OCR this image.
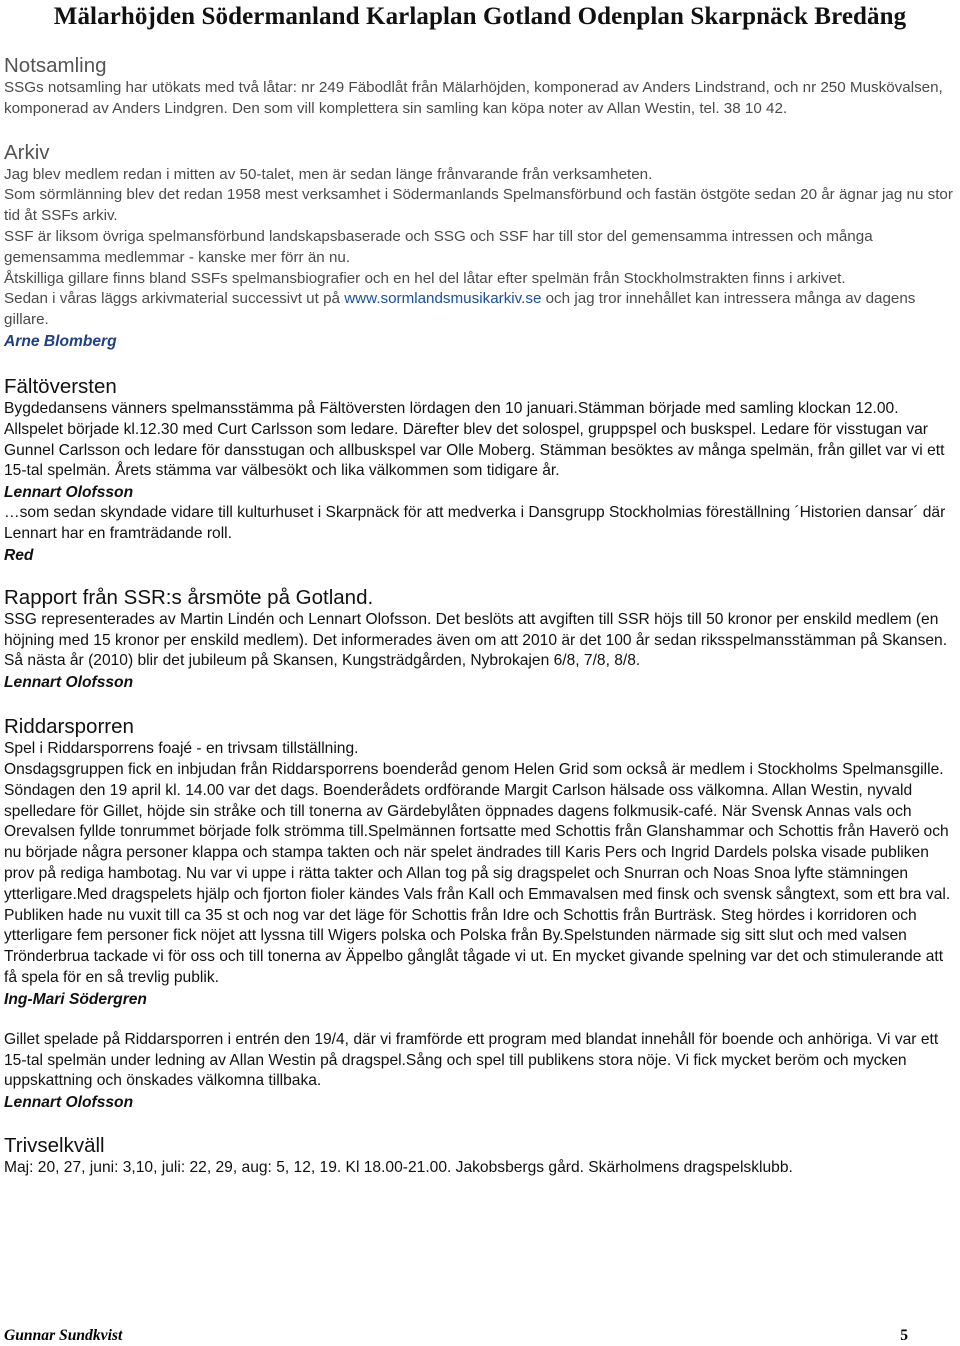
Mälarhöjden Södermanland Karlaplan Gotland Odenplan Skarpnäck Bredäng
Notsamling

SSGs notsamling har utökats med två låtar: nr 249 Fäbodlåt från Mälarhöjden, komponerad av Anders Lindstrand, och nr 250 Muskövalsen, komponerad av Anders Lindgren. Den som vill komplettera sin samling kan köpa noter av Allan Westin, tel. 38 10 42.

Arkiv

Jag blev medlem redan i mitten av 50-talet, men är sedan länge frånvarande från verksamheten.

Som sörmlänning blev det redan 1958 mest verksamhet i Södermanlands Spelmansförbund och fastän östgöte sedan 20 år ägnar jag nu stor tid åt SSFs arkiv.

SSF är liksom övriga spelmansförbund landskapsbaserade och SSG och SSF har till stor del gemensamma intressen och många gemensamma medlemmar - kanske mer förr än nu.

Åtskilliga gillare finns bland SSFs spelmansbiografier och en hel del låtar efter spelmän från Stockholmstrakten finns i arkivet.

Sedan i våras läggs arkivmaterial successivt ut på www.sormlandsmusikarkiv.se och jag tror innehållet kan intressera många av dagens gillare.

Arne Blomberg

Fältöversten

Bygdedansens vänners spelmansstämma på Fältöversten lördagen den 10 januari.Stämman började med samling klockan 12.00. Allspelet började kl.12.30 med Curt Carlsson som ledare. Därefter blev det solospel, gruppspel och buskspel. Ledare för visstugan var Gunnel Carlsson och ledare för dansstugan och allbuskspel var Olle Moberg. Stämman besöktes av många spelmän, från gillet var vi ett 15-tal spelmän. Årets stämma var välbesökt och lika välkommen som tidigare år.

Lennart Olofsson

…som sedan skyndade vidare till kulturhuset i Skarpnäck för att medverka i Dansgrupp Stockholmias föreställning ´Historien dansar´ där Lennart har en framträdande roll.

Red

Rapport från SSR:s årsmöte på Gotland.

SSG representerades av Martin Lindén och Lennart Olofsson. Det beslöts att avgiften till SSR höjs till 50 kronor per enskild medlem (en höjning med 15 kronor per enskild medlem). Det informerades även om att 2010 är det 100 år sedan riksspelmansstämman på Skansen.

Så nästa år (2010) blir det jubileum på Skansen, Kungsträdgården, Nybrokajen 6/8, 7/8, 8/8.

Lennart Olofsson

Riddarsporren

Spel i Riddarsporrens foajé - en trivsam tillställning.

Onsdagsgruppen fick en inbjudan från Riddarsporrens boenderåd genom Helen Grid som också är medlem i Stockholms Spelmansgille.

Söndagen den 19 april kl. 14.00 var det dags. Boenderådets ordförande Margit Carlson hälsade oss välkomna. Allan Westin, nyvald spelledare för Gillet, höjde sin stråke och till tonerna av Gärdebylåten öppnades dagens folkmusik-café. När Svensk Annas vals och Orevalsen fyllde tonrummet började folk strömma till.Spelmännen fortsatte med Schottis från Glanshammar och Schottis från Haverö och nu började några personer klappa och stampa takten och när spelet ändrades till Karis Pers och Ingrid Dardels polska visade publiken prov på rediga hambotag. Nu var vi uppe i rätta takter och Allan tog på sig dragspelet och Snurran och Noas Snoa lyfte stämningen ytterligare.Med dragspelets hjälp och fjorton fioler kändes Vals från Kall och Emmavalsen med finsk och svensk sångtext, som ett bra val. Publiken hade nu vuxit till ca 35 st och nog var det läge för Schottis från Idre och Schottis från Burträsk. Steg hördes i korridoren och ytterligare fem personer fick nöjet att lyssna till Wigers polska och Polska från By.Spelstunden närmade sig sitt slut och med valsen Trönderbrua tackade vi för oss och till tonerna av Äppelbo gånglåt tågade vi ut. En mycket givande spelning var det och stimulerande att få spela för en så trevlig publik.

Ing-Mari Södergren

Gillet spelade på Riddarsporren i entrén den 19/4, där vi framförde ett program med blandat innehåll för boende och anhöriga. Vi var ett 15-tal spelmän under ledning av Allan Westin på dragspel.Sång och spel till publikens stora nöje. Vi fick mycket beröm och mycken uppskattning och önskades välkomna tillbaka.

Lennart Olofsson

Trivselkväll

Maj: 20, 27, juni: 3,10, juli: 22, 29, aug: 5, 12, 19. Kl 18.00-21.00. Jakobsbergs gård. Skärholmens dragspelsklubb.

Gunnar Sundkvist	5
